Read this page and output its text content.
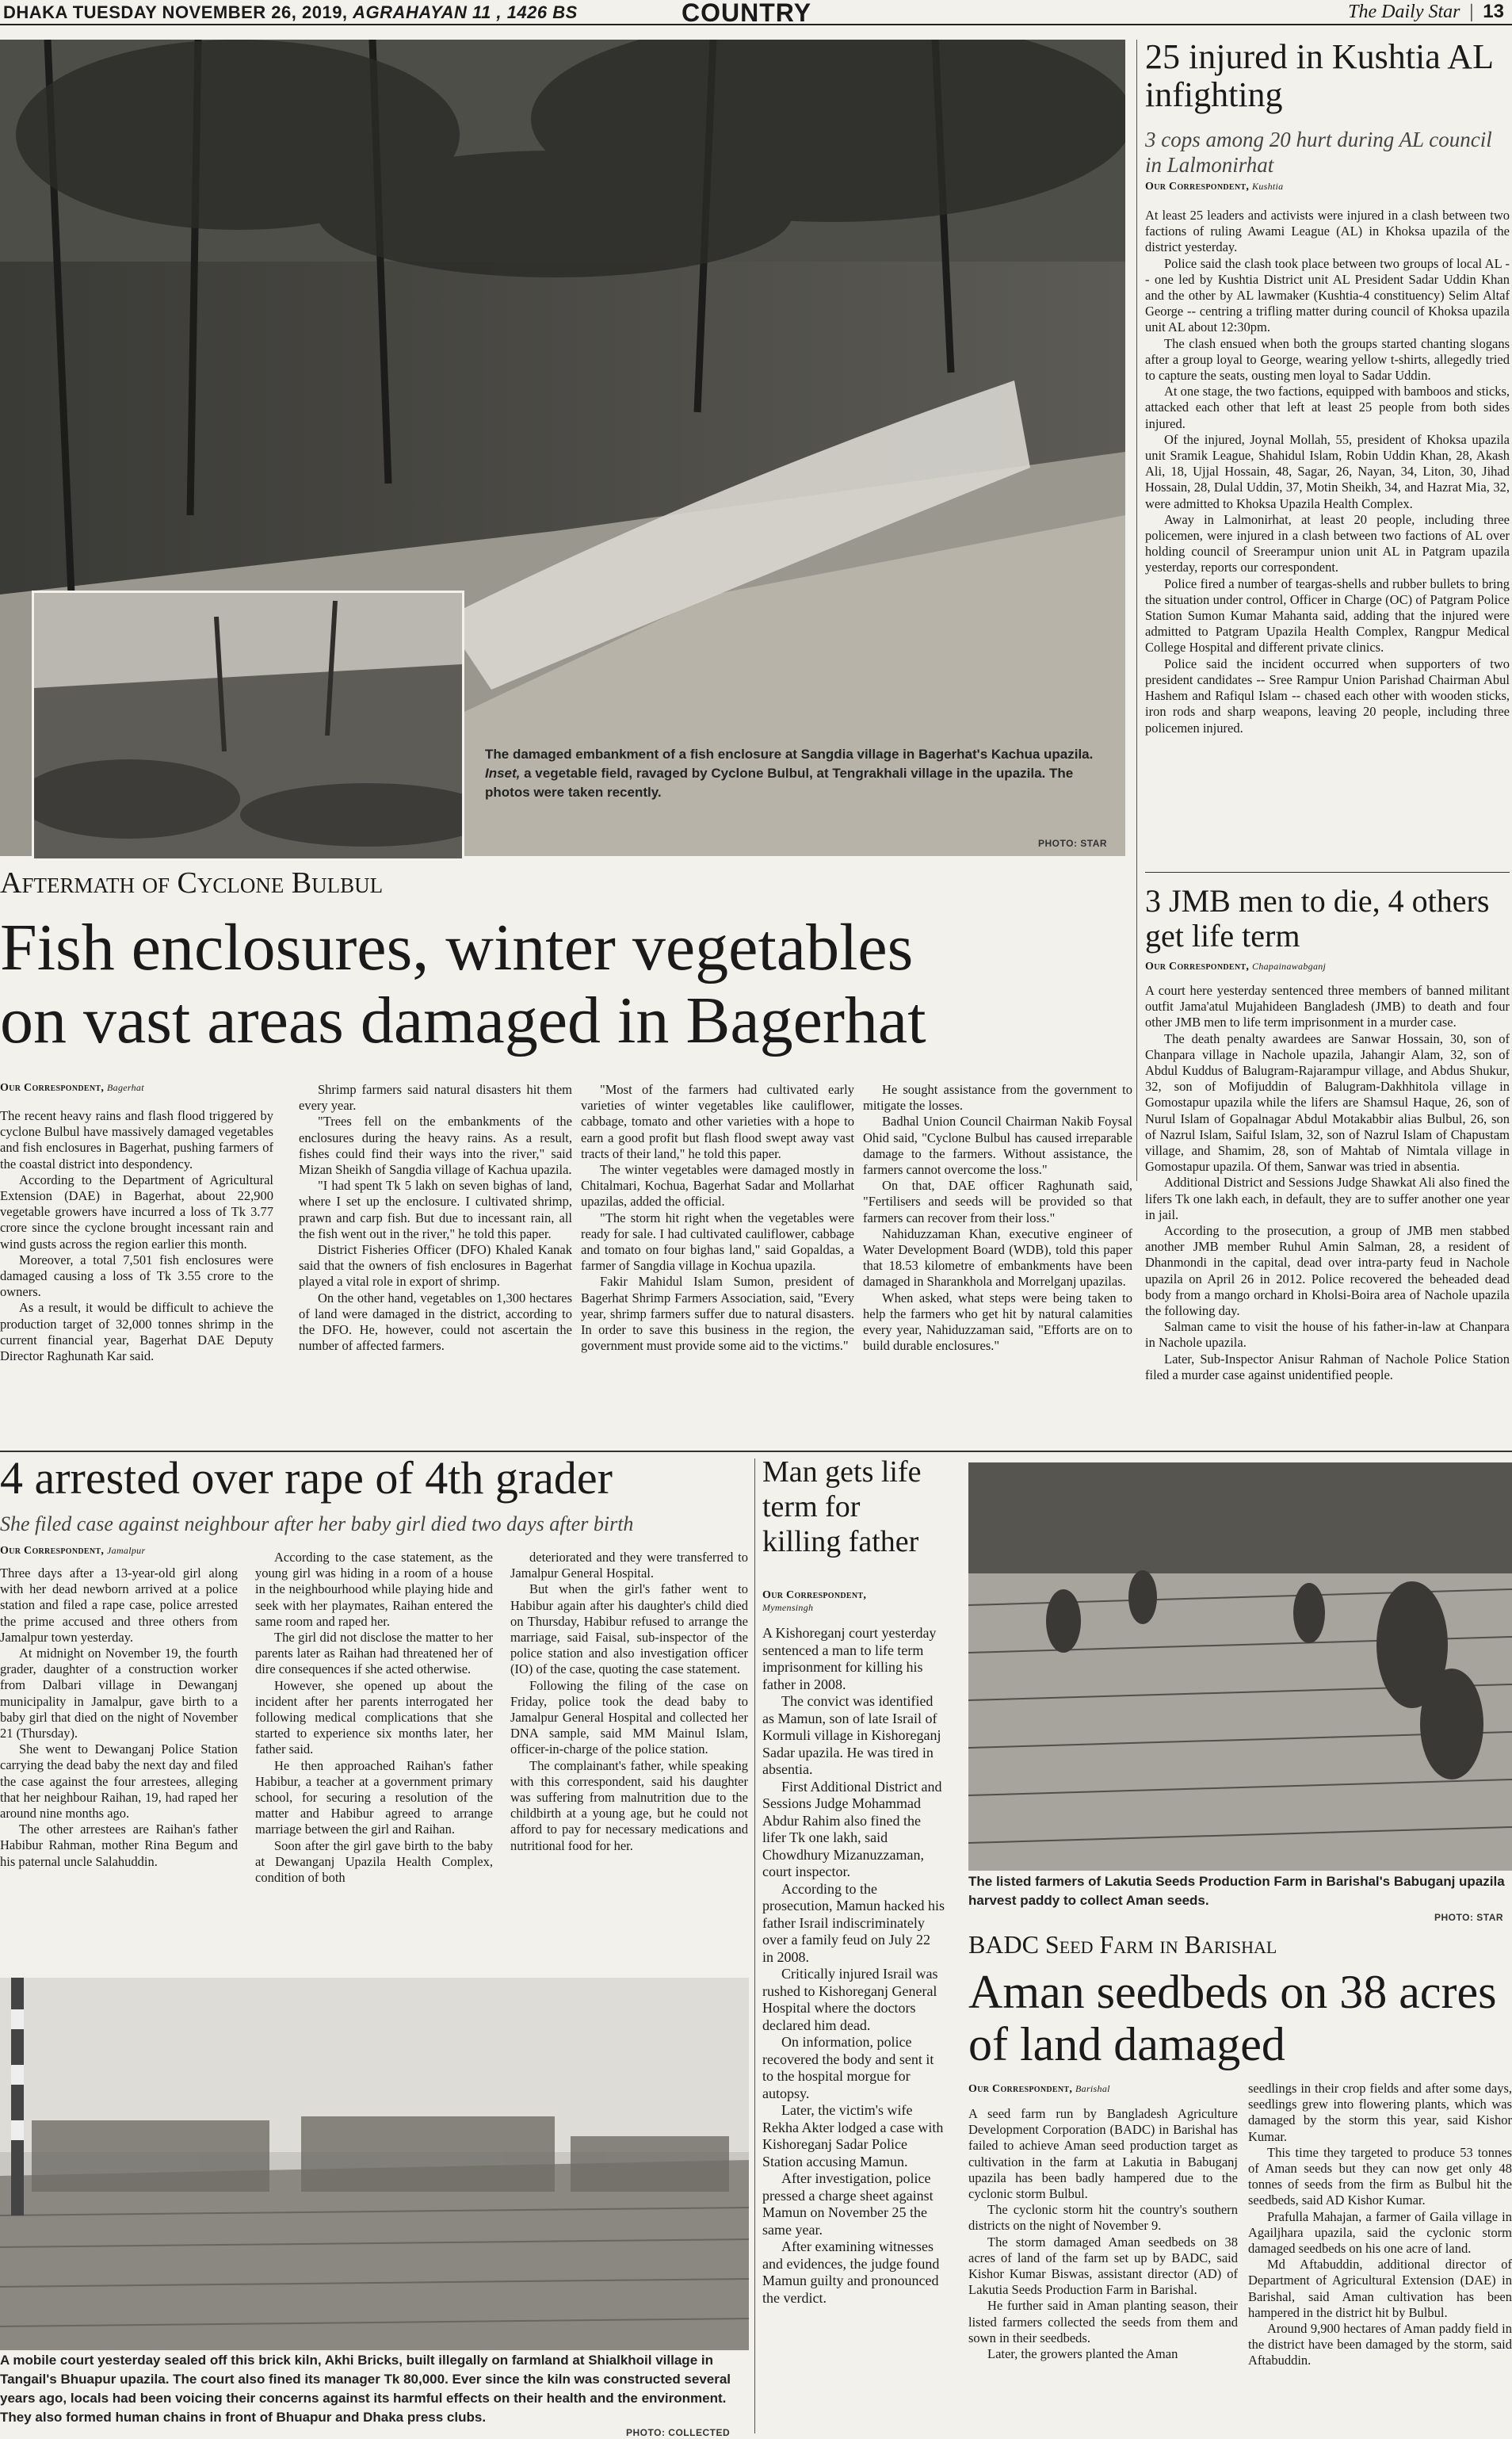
DHAKA TUESDAY NOVEMBER 26, 2019, AGRAHAYAN 11 , 1426 BS	COUNTRY	The Daily Star  |  13
The damaged embankment of a fish enclosure at Sangdia village in Bagerhat's Kachua upazila. Inset, a vegetable field, ravaged by Cyclone Bulbul, at Tengrakhali village in the upazila. The photos were taken recently.
PHOTO: STAR
Aftermath of Cyclone Bulbul
Fish enclosures, winter vegetables
on vast areas damaged in Bagerhat
Our Correspondent, Bagerhat

The recent heavy rains and flash flood triggered by cyclone Bulbul have massively damaged vegetables and fish enclosures in Bagerhat, pushing farmers of the coastal district into despondency.

According to the Department of Agricultural Extension (DAE) in Bagerhat, about 22,900 vegetable growers have incurred a loss of Tk 3.77 crore since the cyclone brought incessant rain and wind gusts across the region earlier this month.

Moreover, a total 7,501 fish enclosures were damaged causing a loss of Tk 3.55 crore to the owners.

As a result, it would be difficult to achieve the production target of 32,000 tonnes shrimp in the current financial year, Bagerhat DAE Deputy Director Raghunath Kar said.

Shrimp farmers said natural disasters hit them every year.

"Trees fell on the embankments of the enclosures during the heavy rains. As a result, fishes could find their ways into the river," said Mizan Sheikh of Sangdia village of Kachua upazila.

"I had spent Tk 5 lakh on seven bighas of land, where I set up the enclosure. I cultivated shrimp, prawn and carp fish. But due to incessant rain, all the fish went out in the river," he told this paper.

District Fisheries Officer (DFO) Khaled Kanak said that the owners of fish enclosures in Bagerhat played a vital role in export of shrimp.

On the other hand, vegetables on 1,300 hectares of land were damaged in the district, according to the DFO. He, however, could not ascertain the number of affected farmers.

"Most of the farmers had cultivated early varieties of winter vegetables like cauliflower, cabbage, tomato and other varieties with a hope to earn a good profit but flash flood swept away vast tracts of their land," he told this paper.

The winter vegetables were damaged mostly in Chitalmari, Kochua, Bagerhat Sadar and Mollarhat upazilas, added the official.

"The storm hit right when the vegetables were ready for sale. I had cultivated cauliflower, cabbage and tomato on four bighas land," said Gopaldas, a farmer of Sangdia village in Kochua upazila.

Fakir Mahidul Islam Sumon, president of Bagerhat Shrimp Farmers Association, said, "Every year, shrimp farmers suffer due to natural disasters. In order to save this business in the region, the government must provide some aid to the victims."

He sought assistance from the government to mitigate the losses.

Badhal Union Council Chairman Nakib Foysal Ohid said, "Cyclone Bulbul has caused irreparable damage to the farmers. Without assistance, the farmers cannot overcome the loss."

On that, DAE officer Raghunath said, "Fertilisers and seeds will be provided so that farmers can recover from their loss."

Nahiduzzaman Khan, executive engineer of Water Development Board (WDB), told this paper that 18.53 kilometre of embankments have been damaged in Sharankhola and Morrelganj upazilas.

When asked, what steps were being taken to help the farmers who get hit by natural calamities every year, Nahiduzzaman said, "Efforts are on to build durable enclosures."

25 injured in Kushtia AL infighting
3 cops among 20 hurt during AL council in Lalmonirhat
Our Correspondent, Kushtia

At least 25 leaders and activists were injured in a clash between two factions of ruling Awami League (AL) in Khoksa upazila of the district yesterday.

Police said the clash took place between two groups of local AL -- one led by Kushtia District unit AL President Sadar Uddin Khan and the other by AL lawmaker (Kushtia-4 constituency) Selim Altaf George -- centring a trifling matter during council of Khoksa upazila unit AL about 12:30pm.

The clash ensued when both the groups started chanting slogans after a group loyal to George, wearing yellow t-shirts, allegedly tried to capture the seats, ousting men loyal to Sadar Uddin.

At one stage, the two factions, equipped with bamboos and sticks, attacked each other that left at least 25 people from both sides injured.

Of the injured, Joynal Mollah, 55, president of Khoksa upazila unit Sramik League, Shahidul Islam, Robin Uddin Khan, 28, Akash Ali, 18, Ujjal Hossain, 48, Sagar, 26, Nayan, 34, Liton, 30, Jihad Hossain, 28, Dulal Uddin, 37, Motin Sheikh, 34, and Hazrat Mia, 32, were admitted to Khoksa Upazila Health Complex.

Away in Lalmonirhat, at least 20 people, including three policemen, were injured in a clash between two factions of AL over holding council of Sreerampur union unit AL in Patgram upazila yesterday, reports our correspondent.

Police fired a number of teargas-shells and rubber bullets to bring the situation under control, Officer in Charge (OC) of Patgram Police Station Sumon Kumar Mahanta said, adding that the injured were admitted to Patgram Upazila Health Complex, Rangpur Medical College Hospital and different private clinics.

Police said the incident occurred when supporters of two president candidates -- Sree Rampur Union Parishad Chairman Abul Hashem and Rafiqul Islam -- chased each other with wooden sticks, iron rods and sharp weapons, leaving 20 people, including three policemen injured.

3 JMB men to die, 4 others get life term
Our Correspondent, Chapainawabganj

A court here yesterday sentenced three members of banned militant outfit Jama'atul Mujahideen Bangladesh (JMB) to death and four other JMB men to life term imprisonment in a murder case.

The death penalty awardees are Sanwar Hossain, 30, son of Chanpara village in Nachole upazila, Jahangir Alam, 32, son of Abdul Kuddus of Balugram-Rajarampur village, and Abdus Shukur, 32, son of Mofijuddin of Balugram-Dakhhitola village in Gomostapur upazila while the lifers are Shamsul Haque, 26, son of Nurul Islam of Gopalnagar Abdul Motakabbir alias Bulbul, 26, son of Nazrul Islam, Saiful Islam, 32, son of Nazrul Islam of Chapustam village, and Shamim, 28, son of Mahtab of Nimtala village in Gomostapur upazila. Of them, Sanwar was tried in absentia.

Additional District and Sessions Judge Shawkat Ali also fined the lifers Tk one lakh each, in default, they are to suffer another one year in jail.

According to the prosecution, a group of JMB men stabbed another JMB member Ruhul Amin Salman, 28, a resident of Dhanmondi in the capital, dead over intra-party feud in Nachole upazila on April 26 in 2012. Police recovered the beheaded dead body from a mango orchard in Kholsi-Boira area of Nachole upazila the following day.

Salman came to visit the house of his father-in-law at Chanpara in Nachole upazila.

Later, Sub-Inspector Anisur Rahman of Nachole Police Station filed a murder case against unidentified people.

4 arrested over rape of 4th grader
She filed case against neighbour after her baby girl died two days after birth
Our Correspondent, Jamalpur

Three days after a 13-year-old girl along with her dead newborn arrived at a police station and filed a rape case, police arrested the prime accused and three others from Jamalpur town yesterday.

At midnight on November 19, the fourth grader, daughter of a construction worker from Dalbari village in Dewanganj municipality in Jamalpur, gave birth to a baby girl that died on the night of November 21 (Thursday).

She went to Dewanganj Police Station carrying the dead baby the next day and filed the case against the four arrestees, alleging that her neighbour Raihan, 19, had raped her around nine months ago.

The other arrestees are Raihan's father Habibur Rahman, mother Rina Begum and his paternal uncle Salahuddin.

According to the case statement, as the young girl was hiding in a room of a house in the neighbourhood while playing hide and seek with her playmates, Raihan entered the same room and raped her.

The girl did not disclose the matter to her parents later as Raihan had threatened her of dire consequences if she acted otherwise.

However, she opened up about the incident after her parents interrogated her following medical complications that she started to experience six months later, her father said.

He then approached Raihan's father Habibur, a teacher at a government primary school, for securing a resolution of the matter and Habibur agreed to arrange marriage between the girl and Raihan.

Soon after the girl gave birth to the baby at Dewanganj Upazila Health Complex, condition of both

deteriorated and they were transferred to Jamalpur General Hospital.

But when the girl's father went to Habibur again after his daughter's child died on Thursday, Habibur refused to arrange the marriage, said Faisal, sub-inspector of the police station and also investigation officer (IO) of the case, quoting the case statement.

Following the filing of the case on Friday, police took the dead baby to Jamalpur General Hospital and collected her DNA sample, said MM Mainul Islam, officer-in-charge of the police station.

The complainant's father, while speaking with this correspondent, said his daughter was suffering from malnutrition due to the childbirth at a young age, but he could not afford to pay for necessary medications and nutritional food for her.

A mobile court yesterday sealed off this brick kiln, Akhi Bricks, built illegally on farmland at Shialkhoil village in Tangail's Bhuapur upazila. The court also fined its manager Tk 80,000. Ever since the kiln was constructed several years ago, locals had been voicing their concerns against its harmful effects on their health and the environment. They also formed human chains in front of Bhuapur and Dhaka press clubs.
PHOTO: COLLECTED
Man gets life term for killing father
Our Correspondent,
Mymensingh

A Kishoreganj court yesterday sentenced a man to life term imprisonment for killing his father in 2008.

The convict was identified as Mamun, son of late Israil of Kormuli village in Kishoreganj Sadar upazila. He was tired in absentia.

First Additional District and Sessions Judge Mohammad Abdur Rahim also fined the lifer Tk one lakh, said Chowdhury Mizanuzzaman, court inspector.

According to the prosecution, Mamun hacked his father Israil indiscriminately over a family feud on July 22 in 2008.

Critically injured Israil was rushed to Kishoreganj General Hospital where the doctors declared him dead.

On information, police recovered the body and sent it to the hospital morgue for autopsy.

Later, the victim's wife Rekha Akter lodged a case with Kishoreganj Sadar Police Station accusing Mamun.

After investigation, police pressed a charge sheet against Mamun on November 25 the same year.

After examining witnesses and evidences, the judge found Mamun guilty and pronounced the verdict.

The listed farmers of Lakutia Seeds Production Farm in Barishal's Babuganj upazila harvest paddy to collect Aman seeds.
PHOTO: STAR
BADC Seed Farm in Barishal
Aman seedbeds on 38 acres of land damaged
Our Correspondent, Barishal

A seed farm run by Bangladesh Agriculture Development Corporation (BADC) in Barishal has failed to achieve Aman seed production target as cultivation in the farm at Lakutia in Babuganj upazila has been badly hampered due to the cyclonic storm Bulbul.

The cyclonic storm hit the country's southern districts on the night of November 9.

The storm damaged Aman seedbeds on 38 acres of land of the farm set up by BADC, said Kishor Kumar Biswas, assistant director (AD) of Lakutia Seeds Production Farm in Barishal.

He further said in Aman planting season, their listed farmers collected the seeds from them and sown in their seedbeds.

Later, the growers planted the Aman

seedlings in their crop fields and after some days, seedlings grew into flowering plants, which was damaged by the storm this year, said Kishor Kumar.

This time they targeted to produce 53 tonnes of Aman seeds but they can now get only 48 tonnes of seeds from the firm as Bulbul hit the seedbeds, said AD Kishor Kumar.

Prafulla Mahajan, a farmer of Gaila village in Agailjhara upazila, said the cyclonic storm damaged seedbeds on his one acre of land.

Md Aftabuddin, additional director of Department of Agricultural Extension (DAE) in Barishal, said Aman cultivation has been hampered in the district hit by Bulbul.

Around 9,900 hectares of Aman paddy field in the district have been damaged by the storm, said Aftabuddin.
